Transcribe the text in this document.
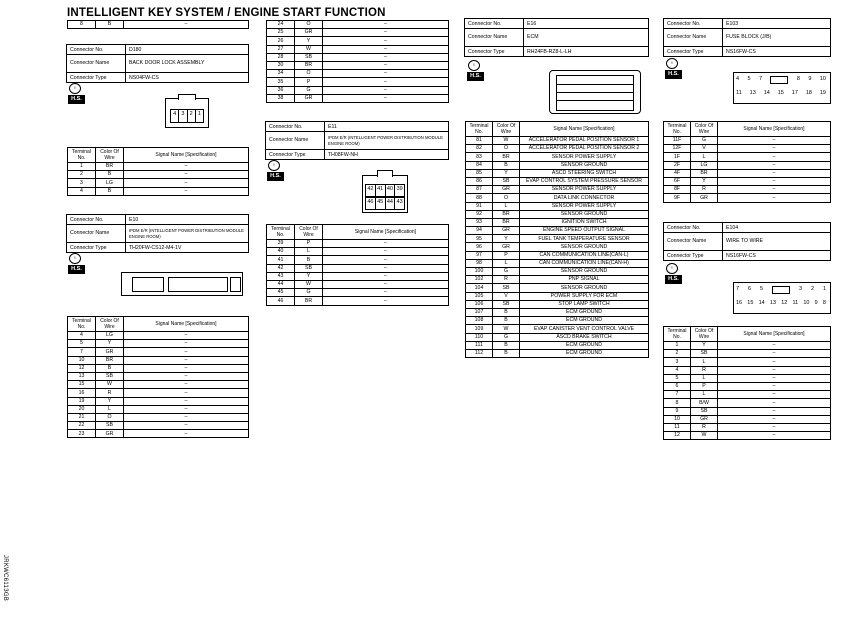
INTELLIGENT KEY SYSTEM / ENGINE START FUNCTION
JRKWC6113GB
8	B	–
Connector No.	D180
Connector Name	BACK DOOR LOCK ASSEMBLY
Connector Type	NS04FW-CS
♁
H.S.
4 3 2 1
Terminal No.	Color Of Wire	Signal Name [Specification]
1	BR	–
2	B	–
3	LG	–
4	B	–
Connector No.	E10
Connector Name	IPDM E/R (INTELLIGENT POWER DISTRIBUTION MODULE ENGINE ROOM)
Connector Type	TH20FW-CS12-M4-1V
♁
H.S.
Terminal No.	Color Of Wire	Signal Name [Specification]
4	LG	–
5	Y	–
7	GR	–
10	BR	–
12	B	–
13	SB	–
15	W	–
16	R	–
19	Y	–
20	L	–
21	O	–
22	SB	–
23	GR	–
24	O	–
25	GR	–
26	Y	–
27	W	–
28	SB	–
30	BR	–
34	O	–
35	P	–
36	G	–
38	GR	–
Connector No.	E11
Connector Name	IPDM E/R (INTELLIGENT POWER DISTRIBUTION MODULE ENGINE ROOM)
Connector Type	TH08FW-NH
♁
H.S.
42 41 40 39
46 45 44 43
Terminal No.	Color Of Wire	Signal Name [Specification]
39	P	–
40	L	–
41	B	–
42	SB	–
43	Y	–
44	W	–
45	G	–
46	BR	–
Connector No.	E16
Connector Name	ECM
Connector Type	RH24FB-RZ8-L-LH
♁
H.S.
Terminal No.	Color Of Wire	Signal Name [Specification]
81	W	ACCELERATOR PEDAL POSITION SENSOR 1
82	O	ACCELERATOR PEDAL POSITION SENSOR 2
83	BR	SENSOR POWER SUPPLY
84	B	SENSOR GROUND
85	Y	ASCD STEERING SWITCH
86	SB	EVAP CONTROL SYSTEM PRESSURE SENSOR
87	GR	SENSOR POWER SUPPLY
88	O	DATA LINK CONNECTOR
91	L	SENSOR POWER SUPPLY
92	BR	SENSOR GROUND
93	BR	IGNITION SWITCH
94	GR	ENGINE SPEED OUTPUT SIGNAL
95	Y	FUEL TANK TEMPERATURE SENSOR
96	GR	SENSOR GROUND
97	P	CAN COMMUNICATION LINE(CAN-L)
98	L	CAN COMMUNICATION LINE(CAN-H)
100	G	SENSOR GROUND
102	R	PNP SIGNAL
104	SB	SENSOR GROUND
105	V	POWER SUPPLY FOR ECM
106	SB	STOP LAMP SWITCH
107	B	ECM GROUND
108	B	ECM GROUND
109	W	EVAP CANISTER VENT CONTROL VALVE
110	G	ASCD BRAKE SWITCH
111	B	ECM GROUND
112	B	ECM GROUND
Connector No.	E103
Connector Name	FUSE BLOCK (J/B)
Connector Type	NS16FW-CS
♁
H.S.
4 5 7	8 9 10
11 13 14 15 17 18 19
Terminal No.	Color Of Wire	Signal Name [Specification]
11F	G	–
12F	V	–
1F	L	–
2F	LG	–
4F	BR	–
6F	Y	–
8F	R	–
9F	GR	–
Connector No.	E104
Connector Name	WIRE TO WIRE
Connector Type	NS16FW-CS
♁
H.S.
7 6 5	3 2 1
16 15 14 13 12 11 10 9 8
Terminal No.	Color Of Wire	Signal Name [Specification]
1	Y	–
2	SB	–
3	L	–
4	R	–
5	L	–
6	P	–
7	L	–
8	B/W	–
9	SB	–
10	GR	–
11	R	–
12	W	–
